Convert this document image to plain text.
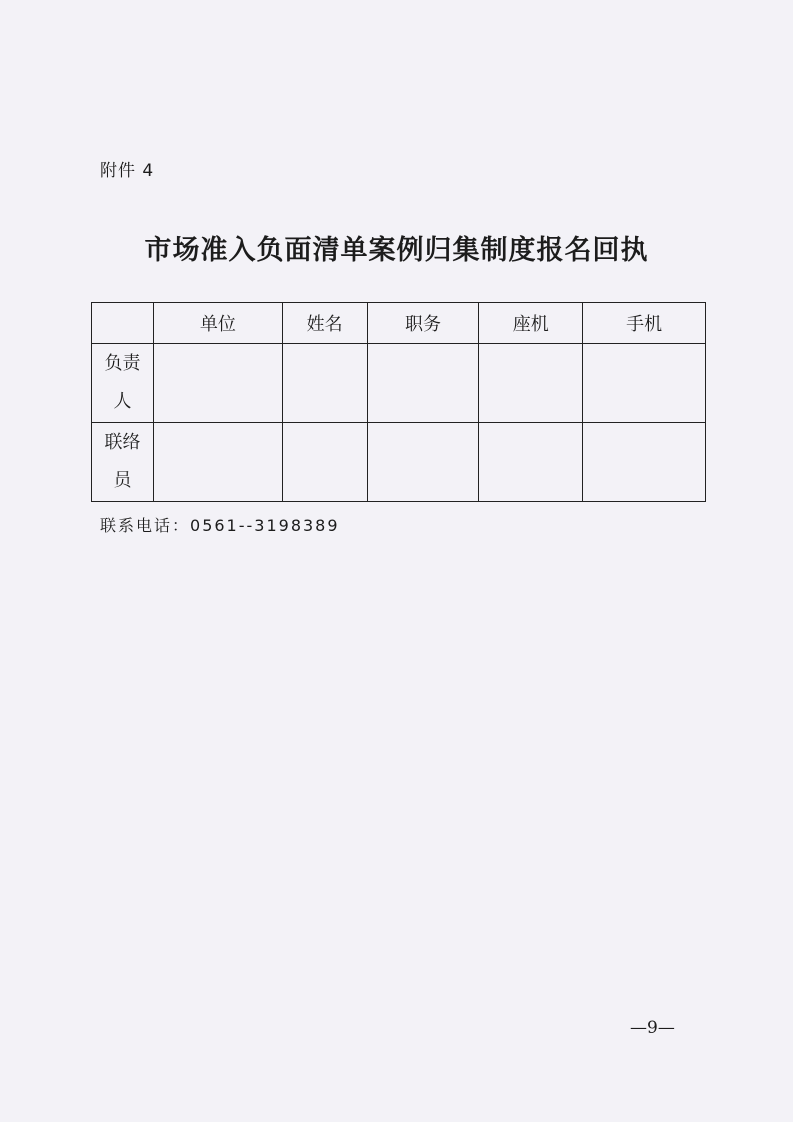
附件 4
市场准入负面清单案例归集制度报名回执
	单位	姓名	职务	座机	手机
负责人					
联络员					
联系电话：0561--3198389
—9—
